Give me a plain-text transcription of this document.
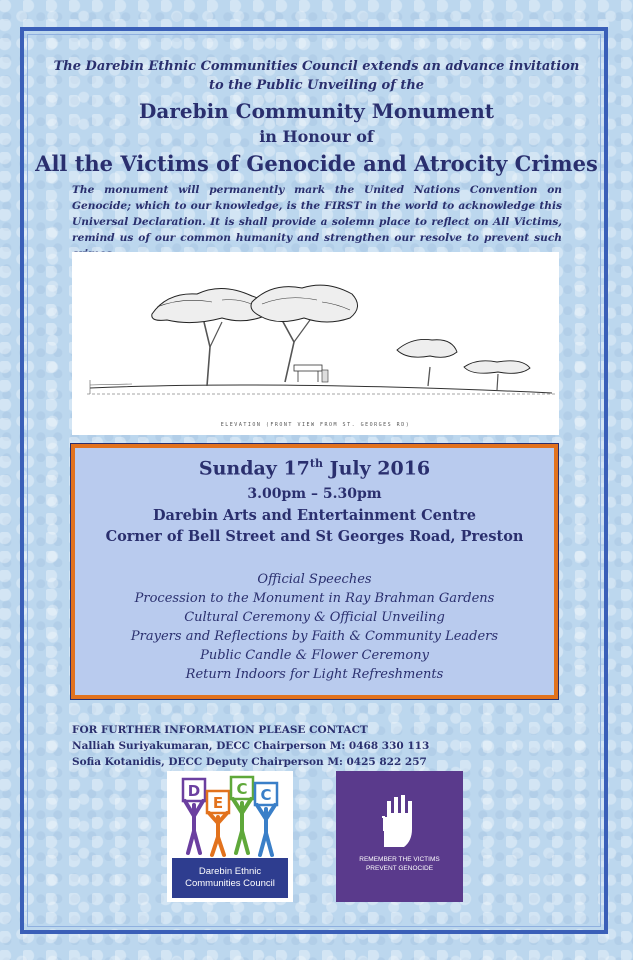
The Darebin Ethnic Communities Council extends an advance invitation
to the Public Unveiling of the
Darebin Community Monument
in Honour of
All the Victims of Genocide and Atrocity Crimes
The monument will permanently mark the United Nations Convention on Genocide; which to our knowledge, is the FIRST in the world to acknowledge this Universal Declaration. It is shall provide a solemn place to reflect on All Victims, remind us of our common humanity and strengthen our resolve to prevent such
ELEVATION (FRONT VIEW FROM ST. GEORGES RD)
Sunday 17th July 2016
3.00pm – 5.30pm
Darebin Arts and Entertainment Centre
Corner of Bell Street and St Georges Road, Preston
Official Speeches
Procession to the Monument in Ray Brahman Gardens
Cultural Ceremony & Official Unveiling
Prayers and Reflections by Faith & Community Leaders
Public Candle & Flower Ceremony
Return Indoors for Light Refreshments
FOR FURTHER INFORMATION PLEASE CONTACT
Nalliah Suriyakumaran, DECC Chairperson M: 0468 330 113
Sofia Kotanidis, DECC Deputy Chairperson M: 0425 822 257
D
E
C C
Darebin Ethnic
Communities Council
REMEMBER THE VICTIMS
PREVENT GENOCIDE
